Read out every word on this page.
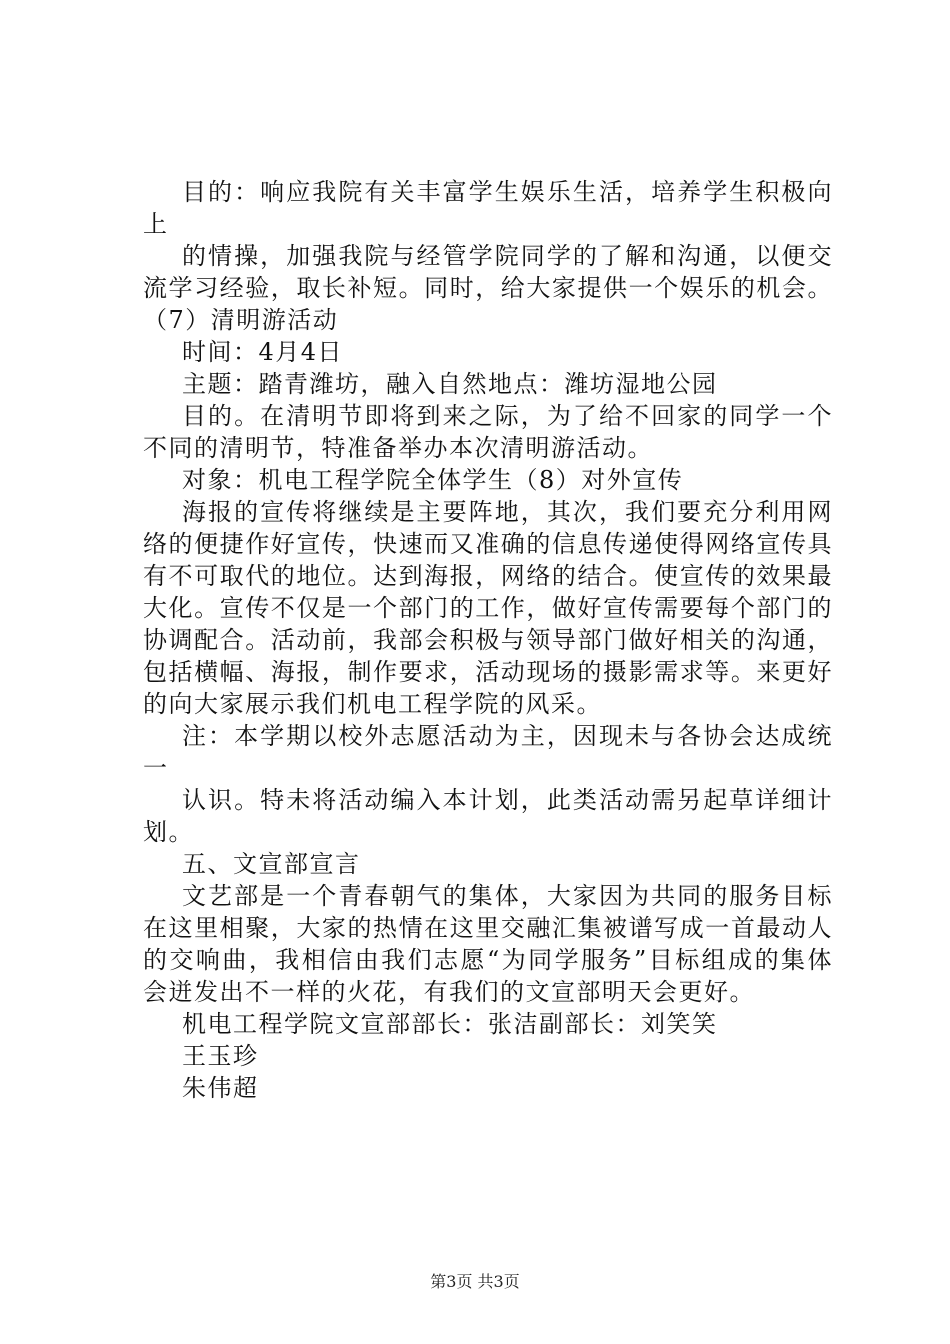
目的：响应我院有关丰富学生娱乐生活，培养学生积极向
上
的情操，加强我院与经管学院同学的了解和沟通，以便交
流学习经验，取长补短。同时，给大家提供一个娱乐的机会。
（7）清明游活动
时间：4月4日
主题：踏青潍坊，融入自然地点：潍坊湿地公园
目的。在清明节即将到来之际，为了给不回家的同学一个
不同的清明节，特准备举办本次清明游活动。
对象：机电工程学院全体学生（8）对外宣传
海报的宣传将继续是主要阵地，其次，我们要充分利用网
络的便捷作好宣传，快速而又准确的信息传递使得网络宣传具
有不可取代的地位。达到海报，网络的结合。使宣传的效果最
大化。宣传不仅是一个部门的工作，做好宣传需要每个部门的
协调配合。活动前，我部会积极与领导部门做好相关的沟通，
包括横幅、海报，制作要求，活动现场的摄影需求等。来更好
的向大家展示我们机电工程学院的风采。
注：本学期以校外志愿活动为主，因现未与各协会达成统
一
认识。特未将活动编入本计划，此类活动需另起草详细计
划。
五、文宣部宣言
文艺部是一个青春朝气的集体，大家因为共同的服务目标
在这里相聚，大家的热情在这里交融汇集被谱写成一首最动人
的交响曲，我相信由我们志愿“为同学服务”目标组成的集体
会迸发出不一样的火花，有我们的文宣部明天会更好。
机电工程学院文宣部部长：张洁副部长：刘笑笑
王玉珍
朱伟超
第3页 共3页
